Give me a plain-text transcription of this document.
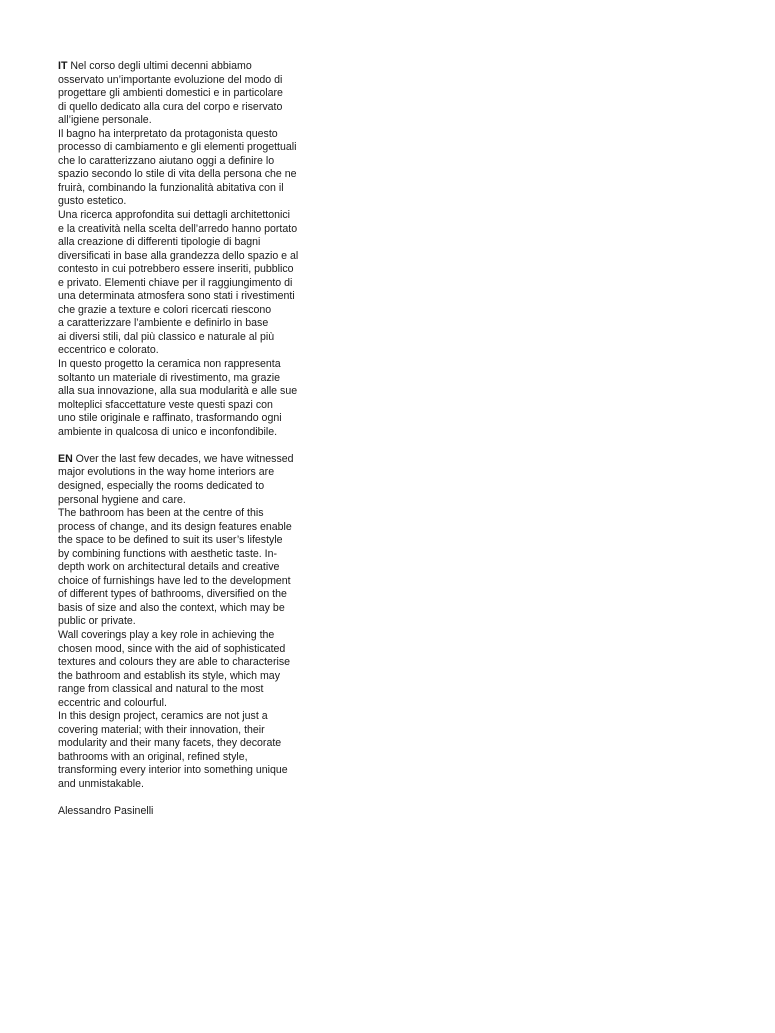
IT Nel corso degli ultimi decenni abbiamo
osservato un’importante evoluzione del modo di
progettare gli ambienti domestici e in particolare
di quello dedicato alla cura del corpo e riservato
all’igiene personale.
Il bagno ha interpretato da protagonista questo
processo di cambiamento e gli elementi progettuali
che lo caratterizzano aiutano oggi a definire lo
spazio secondo lo stile di vita della persona che ne
fruirà, combinando la funzionalità abitativa con il
gusto estetico.
Una ricerca approfondita sui dettagli architettonici
e la creatività nella scelta dell’arredo hanno portato
alla creazione di differenti tipologie di bagni
diversificati in base alla grandezza dello spazio e al
contesto in cui potrebbero essere inseriti, pubblico
e privato. Elementi chiave per il raggiungimento di
una determinata atmosfera sono stati i rivestimenti
che grazie a texture e colori ricercati riescono
a caratterizzare l’ambiente e definirlo in base
ai diversi stili, dal più classico e naturale al più
eccentrico e colorato.
In questo progetto la ceramica non rappresenta
soltanto un materiale di rivestimento, ma grazie
alla sua innovazione, alla sua modularità e alle sue
molteplici sfaccettature veste questi spazi con
uno stile originale e raffinato, trasformando ogni
ambiente in qualcosa di unico e inconfondibile.
EN Over the last few decades, we have witnessed
major evolutions in the way home interiors are
designed, especially the rooms dedicated to
personal hygiene and care.
The bathroom has been at the centre of this
process of change, and its design features enable
the space to be defined to suit its user’s lifestyle
by combining functions with aesthetic taste. In-
depth work on architectural details and creative
choice of furnishings have led to the development
of different types of bathrooms, diversified on the
basis of size and also the context, which may be
public or private.
Wall coverings play a key role in achieving the
chosen mood, since with the aid of sophisticated
textures and colours they are able to characterise
the bathroom and establish its style, which may
range from classical and natural to the most
eccentric and colourful.
In this design project, ceramics are not just a
covering material; with their innovation, their
modularity and their many facets, they decorate
bathrooms with an original, refined style,
transforming every interior into something unique
and unmistakable.
Alessandro Pasinelli
